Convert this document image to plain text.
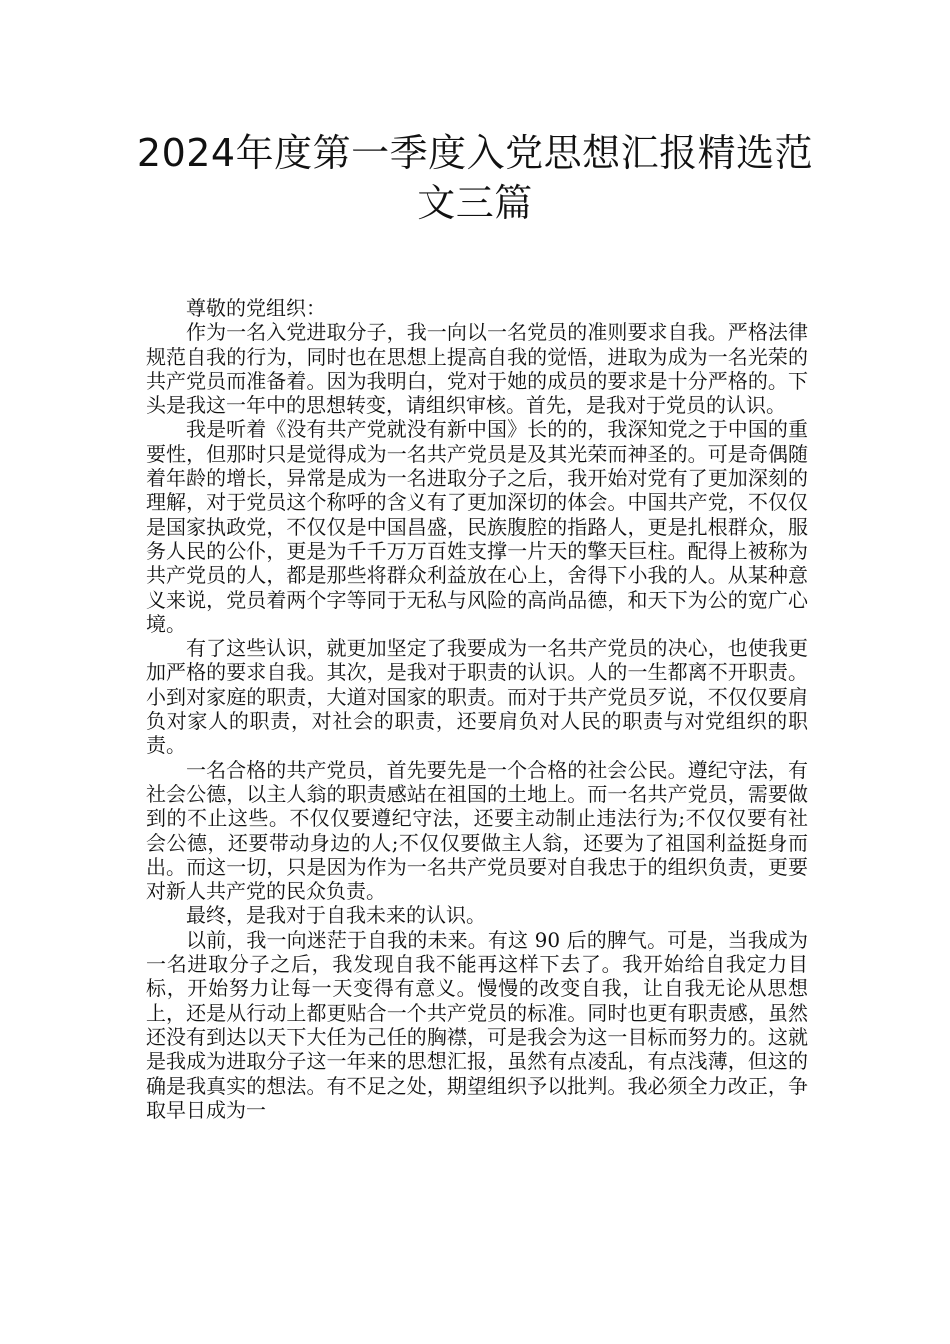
2024年度第一季度入党思想汇报精选范文三篇

尊敬的党组织：

作为一名入党进取分子，我一向以一名党员的准则要求自我。严格法律规范自我的行为，同时也在思想上提高自我的觉悟，进取为成为一名光荣的共产党员而准备着。因为我明白，党对于她的成员的要求是十分严格的。下头是我这一年中的思想转变，请组织审核。首先，是我对于党员的认识。

我是听着《没有共产党就没有新中国》长的的，我深知党之于中国的重要性，但那时只是觉得成为一名共产党员是及其光荣而神圣的。可是奇偶随着年龄的增长，异常是成为一名进取分子之后，我开始对党有了更加深刻的理解，对于党员这个称呼的含义有了更加深切的体会。中国共产党，不仅仅是国家执政党，不仅仅是中国昌盛，民族腹腔的指路人，更是扎根群众，服务人民的公仆，更是为千千万万百姓支撑一片天的擎天巨柱。配得上被称为共产党员的人，都是那些将群众利益放在心上，舍得下小我的人。从某种意义来说，党员着两个字等同于无私与风险的高尚品德，和天下为公的宽广心境。

有了这些认识，就更加坚定了我要成为一名共产党员的决心，也使我更加严格的要求自我。其次，是我对于职责的认识。人的一生都离不开职责。小到对家庭的职责，大道对国家的职责。而对于共产党员歹说，不仅仅要肩负对家人的职责，对社会的职责，还要肩负对人民的职责与对党组织的职责。

一名合格的共产党员，首先要先是一个合格的社会公民。遵纪守法，有社会公德，以主人翁的职责感站在祖国的土地上。而一名共产党员，需要做到的不止这些。不仅仅要遵纪守法，还要主动制止违法行为;不仅仅要有社会公德，还要带动身边的人;不仅仅要做主人翁，还要为了祖国利益挺身而出。而这一切，只是因为作为一名共产党员要对自我忠于的组织负责，更要对新人共产党的民众负责。

最终，是我对于自我未来的认识。

以前，我一向迷茫于自我的未来。有这 90 后的脾气。可是，当我成为一名进取分子之后，我发现自我不能再这样下去了。我开始给自我定力目标，开始努力让每一天变得有意义。慢慢的改变自我，让自我无论从思想上，还是从行动上都更贴合一个共产党员的标准。同时也更有职责感，虽然还没有到达以天下大任为己任的胸襟，可是我会为这一目标而努力的。这就是我成为进取分子这一年来的思想汇报，虽然有点凌乱，有点浅薄，但这的确是我真实的想法。有不足之处，期望组织予以批判。我必须全力改正，争取早日成为一
